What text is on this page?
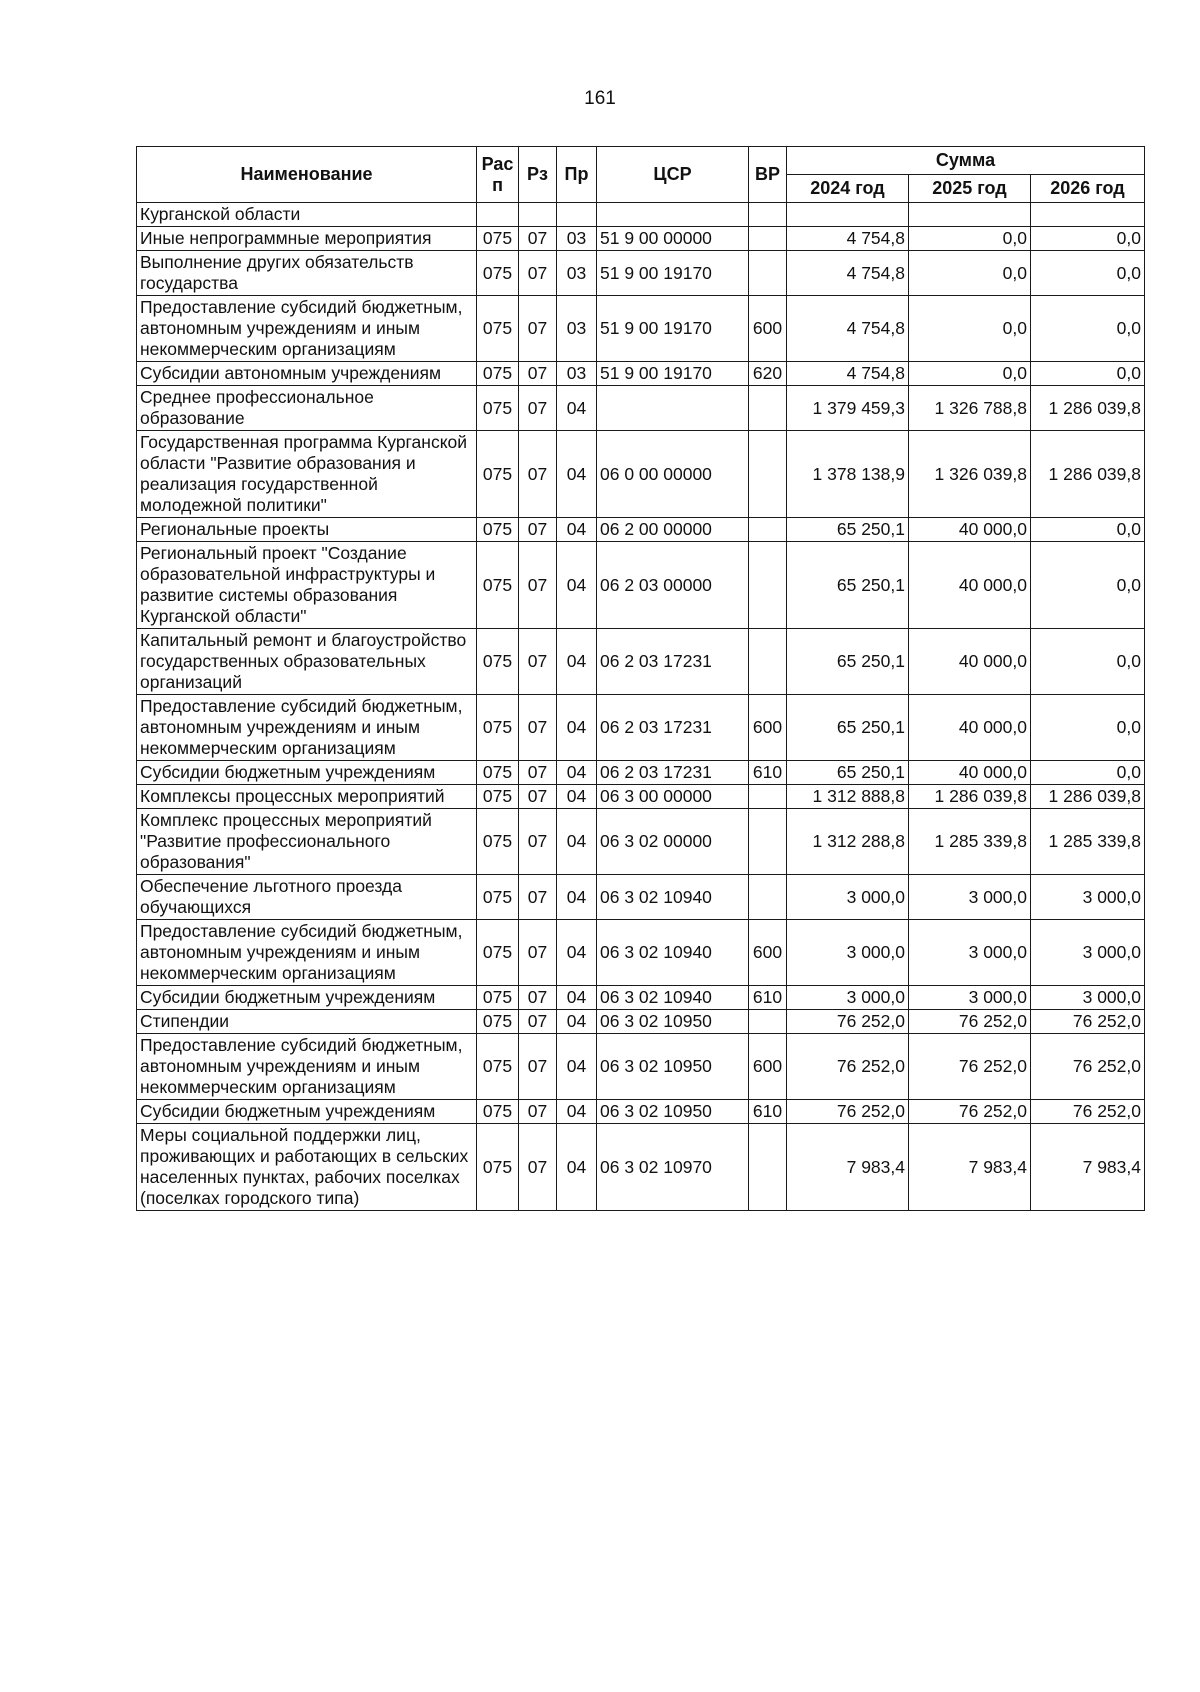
161
Наименование	Рас п	Рз	Пр	ЦСР	ВР	Сумма		
						2024 год	2025 год	2026 год
Курганской области								
Иные непрограммные мероприятия	075	07	03	51 9 00 00000		4 754,8	0,0	0,0
Выполнение других обязательств государства	075	07	03	51 9 00 19170		4 754,8	0,0	0,0
Предоставление субсидий бюджетным, автономным учреждениям и иным некоммерческим организациям	075	07	03	51 9 00 19170	600	4 754,8	0,0	0,0
Субсидии автономным учреждениям	075	07	03	51 9 00 19170	620	4 754,8	0,0	0,0
Среднее профессиональное образование	075	07	04			1 379 459,3	1 326 788,8	1 286 039,8
Государственная программа Курганской области "Развитие образования и реализация государственной молодежной политики"	075	07	04	06 0 00 00000		1 378 138,9	1 326 039,8	1 286 039,8
Региональные проекты	075	07	04	06 2 00 00000		65 250,1	40 000,0	0,0
Региональный проект "Создание образовательной инфраструктуры и развитие системы образования Курганской области"	075	07	04	06 2 03 00000		65 250,1	40 000,0	0,0
Капитальный ремонт и благоустройство государственных образовательных организаций	075	07	04	06 2 03 17231		65 250,1	40 000,0	0,0
Предоставление субсидий бюджетным, автономным учреждениям и иным некоммерческим организациям	075	07	04	06 2 03 17231	600	65 250,1	40 000,0	0,0
Субсидии бюджетным учреждениям	075	07	04	06 2 03 17231	610	65 250,1	40 000,0	0,0
Комплексы процессных мероприятий	075	07	04	06 3 00 00000		1 312 888,8	1 286 039,8	1 286 039,8
Комплекс процессных мероприятий "Развитие профессионального образования"	075	07	04	06 3 02 00000		1 312 288,8	1 285 339,8	1 285 339,8
Обеспечение льготного проезда обучающихся	075	07	04	06 3 02 10940		3 000,0	3 000,0	3 000,0
Предоставление субсидий бюджетным, автономным учреждениям и иным некоммерческим организациям	075	07	04	06 3 02 10940	600	3 000,0	3 000,0	3 000,0
Субсидии бюджетным учреждениям	075	07	04	06 3 02 10940	610	3 000,0	3 000,0	3 000,0
Стипендии	075	07	04	06 3 02 10950		76 252,0	76 252,0	76 252,0
Предоставление субсидий бюджетным, автономным учреждениям и иным некоммерческим организациям	075	07	04	06 3 02 10950	600	76 252,0	76 252,0	76 252,0
Субсидии бюджетным учреждениям	075	07	04	06 3 02 10950	610	76 252,0	76 252,0	76 252,0
Меры социальной поддержки лиц, проживающих и работающих в сельских населенных пунктах, рабочих поселках (поселках городского типа)	075	07	04	06 3 02 10970		7 983,4	7 983,4	7 983,4
